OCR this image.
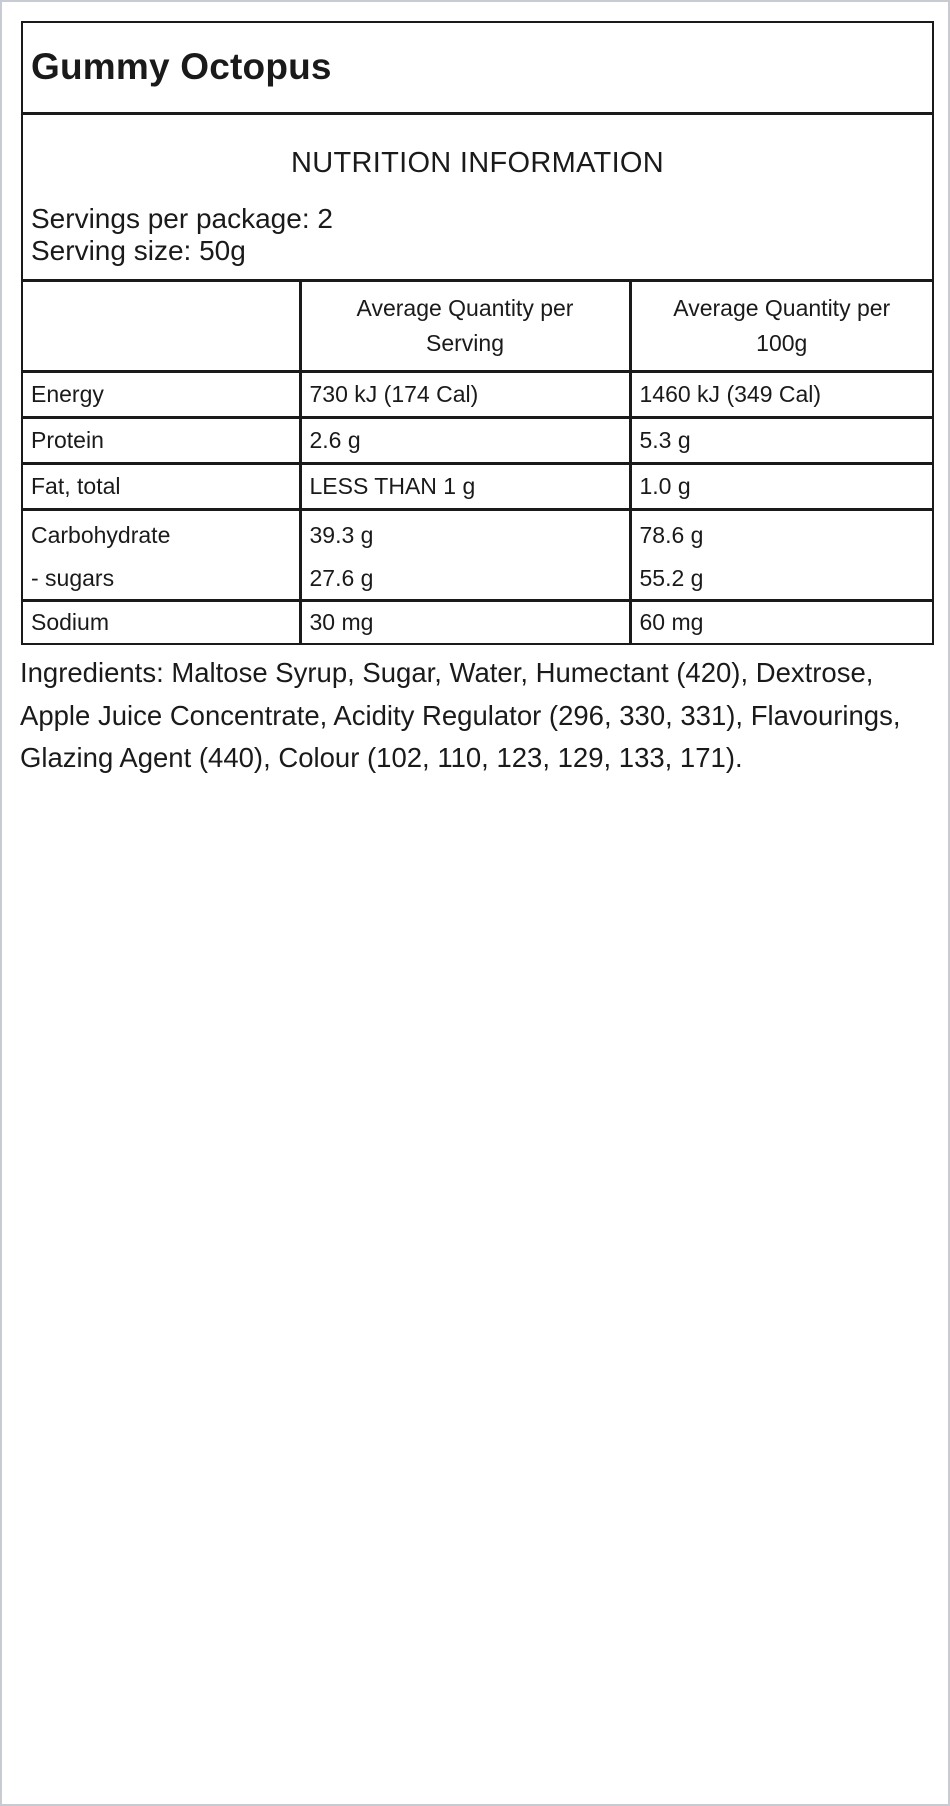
Gummy Octopus
NUTRITION INFORMATION
Servings per package: 2
Serving size: 50g
	Average Quantity per Serving	Average Quantity per 100g
Energy	730 kJ (174 Cal)	1460 kJ (349 Cal)
Protein	2.6 g	5.3 g
Fat, total	LESS THAN 1 g	1.0 g
Carbohydrate	39.3 g	78.6 g
- sugars	27.6 g	55.2 g
Sodium	30 mg	60 mg

Ingredients: Maltose Syrup, Sugar, Water, Humectant (420), Dextrose, Apple Juice Concentrate, Acidity Regulator (296, 330, 331), Flavourings, Glazing Agent (440), Colour (102, 110, 123, 129, 133, 171).
